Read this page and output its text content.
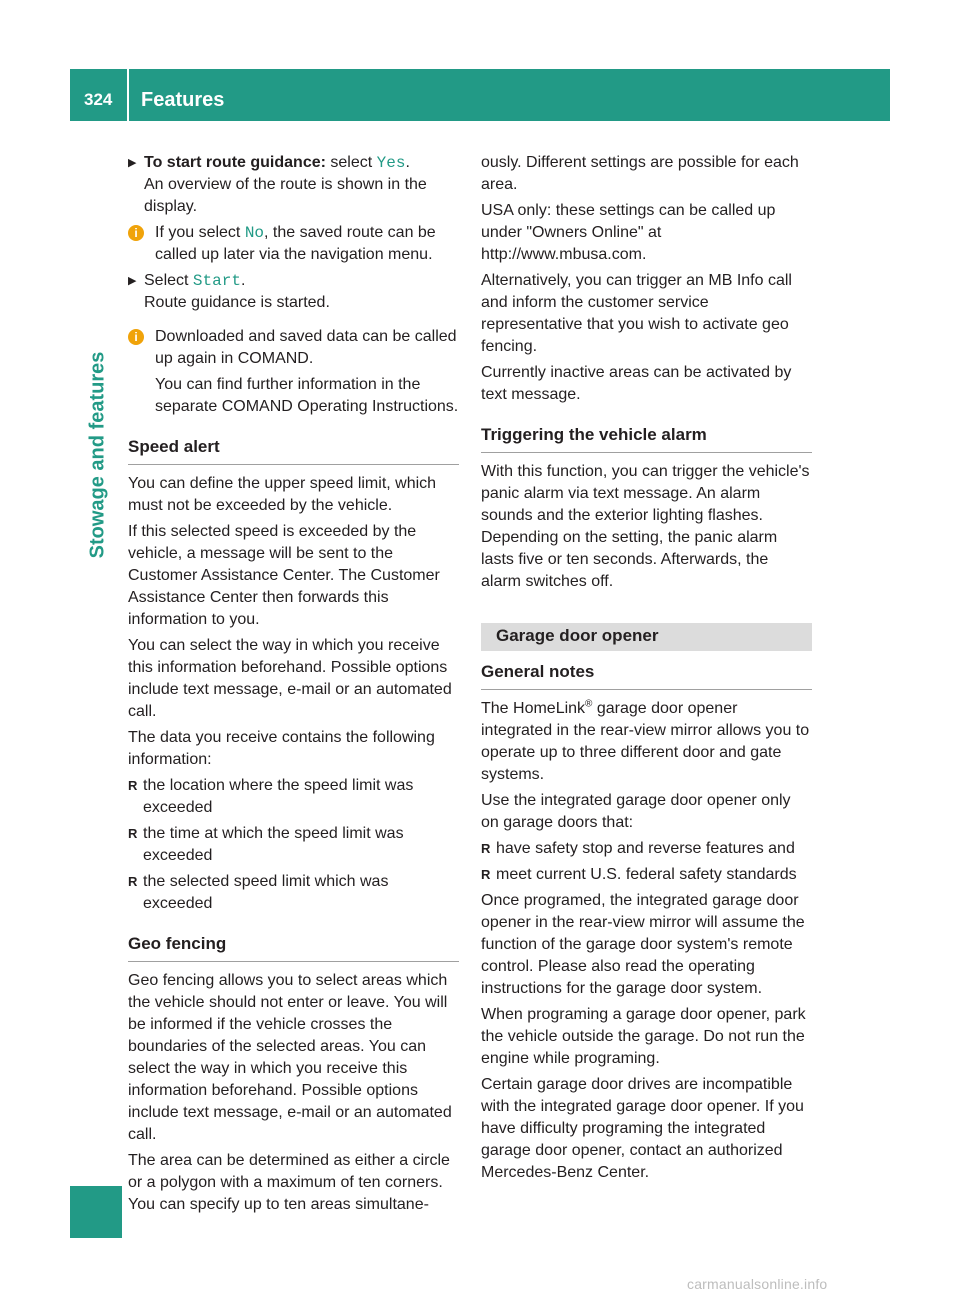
324 Features
Stowage and features
▶ To start route guidance: select Yes.
An overview of the route is shown in the display.
i	If you select No, the saved route can be called up later via the navigation menu.
▶ Select Start.
Route guidance is started.
i	Downloaded and saved data can be called up again in COMAND.

You can find further information in the separate COMAND Operating Instructions.

Speed alert

You can define the upper speed limit, which must not be exceeded by the vehicle.

If this selected speed is exceeded by the vehicle, a message will be sent to the Customer Assistance Center. The Customer Assistance Center then forwards this information to you.

You can select the way in which you receive this information beforehand. Possible options include text message, e-mail or an automated call.

The data you receive contains the following information:

R the location where the speed limit was exceeded
R the time at which the speed limit was exceeded
R the selected speed limit which was exceeded
Geo fencing

Geo fencing allows you to select areas which the vehicle should not enter or leave. You will be informed if the vehicle crosses the boundaries of the selected areas. You can select the way in which you receive this information beforehand. Possible options include text message, e-mail or an automated call.

The area can be determined as either a circle or a polygon with a maximum of ten corners. You can specify up to ten areas simultane-

ously. Different settings are possible for each area.

USA only: these settings can be called up under "Owners Online" at http://www.mbusa.com.

Alternatively, you can trigger an MB Info call and inform the customer service representative that you wish to activate geo fencing.

Currently inactive areas can be activated by text message.

Triggering the vehicle alarm

With this function, you can trigger the vehicle's panic alarm via text message. An alarm sounds and the exterior lighting flashes. Depending on the setting, the panic alarm lasts five or ten seconds. Afterwards, the alarm switches off.

Garage door opener
General notes

The HomeLink® garage door opener integrated in the rear-view mirror allows you to operate up to three different door and gate systems.

Use the integrated garage door opener only on garage doors that:

R have safety stop and reverse features and
R meet current U.S. federal safety standards

Once programed, the integrated garage door opener in the rear-view mirror will assume the function of the garage door system's remote control. Please also read the operating instructions for the garage door system.

When programing a garage door opener, park the vehicle outside the garage. Do not run the engine while programing.

Certain garage door drives are incompatible with the integrated garage door opener. If you have difficulty programing the integrated garage door opener, contact an authorized Mercedes-Benz Center.

carmanualsonline.info
